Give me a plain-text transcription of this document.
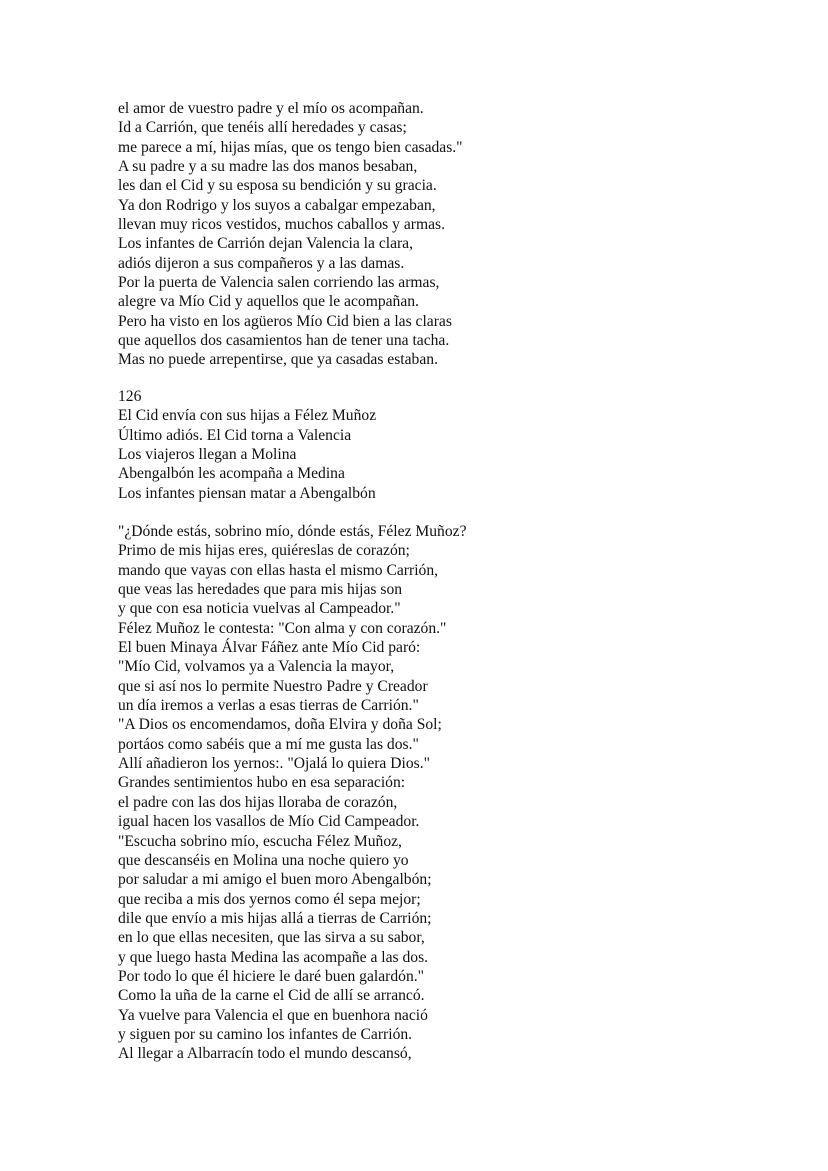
el amor de vuestro padre y el mío os acompañan.
Id a Carrión, que tenéis allí heredades y casas;
me parece a mí, hijas mías, que os tengo bien casadas."
A su padre y a su madre las dos manos besaban,
les dan el Cid y su esposa su bendición y su gracia.
Ya don Rodrigo y los suyos a cabalgar empezaban,
llevan muy ricos vestidos, muchos caballos y armas.
Los infantes de Carrión dejan Valencia la clara,
adiós dijeron a sus compañeros y a las damas.
Por la puerta de Valencia salen corriendo las armas,
alegre va Mío Cid y aquellos que le acompañan.
Pero ha visto en los agüeros Mío Cid bien a las claras
que aquellos dos casamientos han de tener una tacha.
Mas no puede arrepentirse, que ya casadas estaban.
126
El Cid envía con sus hijas a Félez Muñoz
Último adiós. El Cid torna a Valencia
Los viajeros llegan a Molina
Abengalbón les acompaña a Medina
Los infantes piensan matar a Abengalbón
"¿Dónde estás, sobrino mío, dónde estás, Félez Muñoz?
Primo de mis hijas eres, quiéreslas de corazón;
mando que vayas con ellas hasta el mismo Carrión,
que veas las heredades que para mis hijas son
y que con esa noticia vuelvas al Campeador."
Félez Muñoz le contesta: "Con alma y con corazón."
El buen Minaya Álvar Fáñez ante Mío Cid paró:
"Mío Cid, volvamos ya a Valencia la mayor,
que si así nos lo permite Nuestro Padre y Creador
un día iremos a verlas a esas tierras de Carrión."
"A Dios os encomendamos, doña Elvira y doña Sol;
portáos como sabéis que a mí me gusta las dos."
Allí añadieron los yernos:. "Ojalá lo quiera Dios."
Grandes sentimientos hubo en esa separación:
el padre con las dos hijas lloraba de corazón,
igual hacen los vasallos de Mío Cid Campeador.
"Escucha sobrino mío, escucha Félez Muñoz,
que descanséis en Molina una noche quiero yo
por saludar a mi amigo el buen moro Abengalbón;
que reciba a mis dos yernos como él sepa mejor;
dile que envío a mis hijas allá a tierras de Carrión;
en lo que ellas necesiten, que las sirva a su sabor,
y que luego hasta Medina las acompañe a las dos.
Por todo lo que él hiciere le daré buen galardón."
Como la uña de la carne el Cid de allí se arrancó.
Ya vuelve para Valencia el que en buenhora nació
y siguen por su camino los infantes de Carrión.
Al llegar a Albarracín todo el mundo descansó,
